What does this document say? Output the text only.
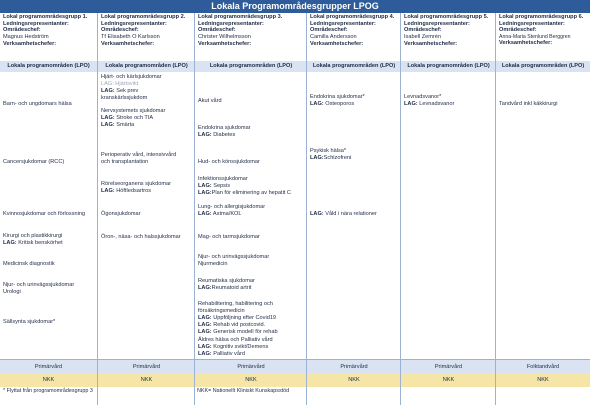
Lokala Programområdesgrupper LPOG
Lokal programområdesgrupp 1.
Ledningsrepresentanter:
Områdeschef:
Magnus Hedström
Verksamhetschefer:
Lokala programområden (LPO)
Barn- och ungdomars hälsa
Cancersjukdomar (RCC)
Kvinnosjukdomar och förlossning
Kirurgi och plastikkirurgi
LAG: Kritisk benskörhet
Medicinsk diagnostik
Njur- och urinvägssjukdomar
Urologi
Sällsynta sjukdomar*
Primärvård
NKK
Lokal programområdesgrupp 2.
Ledningsrepresentanter:
Områdeschef:
Tf Elisabeth O Karlsson
Verksamhetschefer:
Lokala programområden (LPO)
Hjärt- och kärlsjukdomar
LAG: Hjärtsvikt
LAG: Sek prev
kranskärlssjukdom
Nervsystemets sjukdomar
LAG: Stroke och TIA
LAG: Smärta
Perioperativ vård, intensivvård
och transplantation
Rörelseorganens sjukdomar
LAG: Höftledsartros
Ögonsjukdomar
Öron-, näsa- och halssjukdomar
Primärvård
NKK
Lokal programområdesgrupp 3.
Ledningsrepresentanter:
Områdeschef:
Christer Wilhelmsson
Verksamhetschefer:
Lokala programområden (LPO)
Akut vård
Endokrina sjukdomar
LAG: Diabetes
Hud- och könssjukdomar
Infektionssjukdomar
LAG: Sepsis
LAG:Plan för eliminering av hepatit C
Lung- och allergisjukdomar
LAG: Astma/KOL
Mag- och tarmsjukdomar
Njur- och urinvägssjukdomar
Njurmedicin
Reumatiska sjukdomar
LAG:Reumatoid artrit
Rehabilitering, habilitering och
försäkringsmedicin
LAG: Uppföljning efter Covid19
LAG: Rehab vid postcovid.
LAG: Generisk modell för rehab
Äldres hälsa och Palliativ vård
LAG: Kognitiv svikt/Demens
LAG: Palliativ vård
Primärvård
NKK
Lokal programområdesgrupp 4.
Ledningsrepresentanter:
Områdeschef:
Camilla Andersson
Verksamhetschefer:
Lokala programområden (LPO)
Endokrina sjukdomar*
LAG: Osteoporos
Psykisk hälsa*
LAG:Schizofreni
LAG: Våld i nära relationer
Primärvård
NKK
Lokal programområdesgrupp 5.
Ledningsrepresentanter:
Områdeschef:
Isabell Zemrén
Verksamhetschefer:
Lokala programområden (LPO)
Levnadsvanor*
LAG: Levnadsvanor
Primärvård
NKK
Lokal programområdesgrupp 6.
Ledningsrepresentanter:
Områdeschef:
Anna-Maria Stenlund Berggren
Verksamhetschefer:
Lokala programområden (LPO)
Tandvård inkl käkkirurgi
Folktandvård
NKK
* Flyttat från programområdesgrupp 3	NKK= Nationellt Kliniskt Kunskapsstöd
